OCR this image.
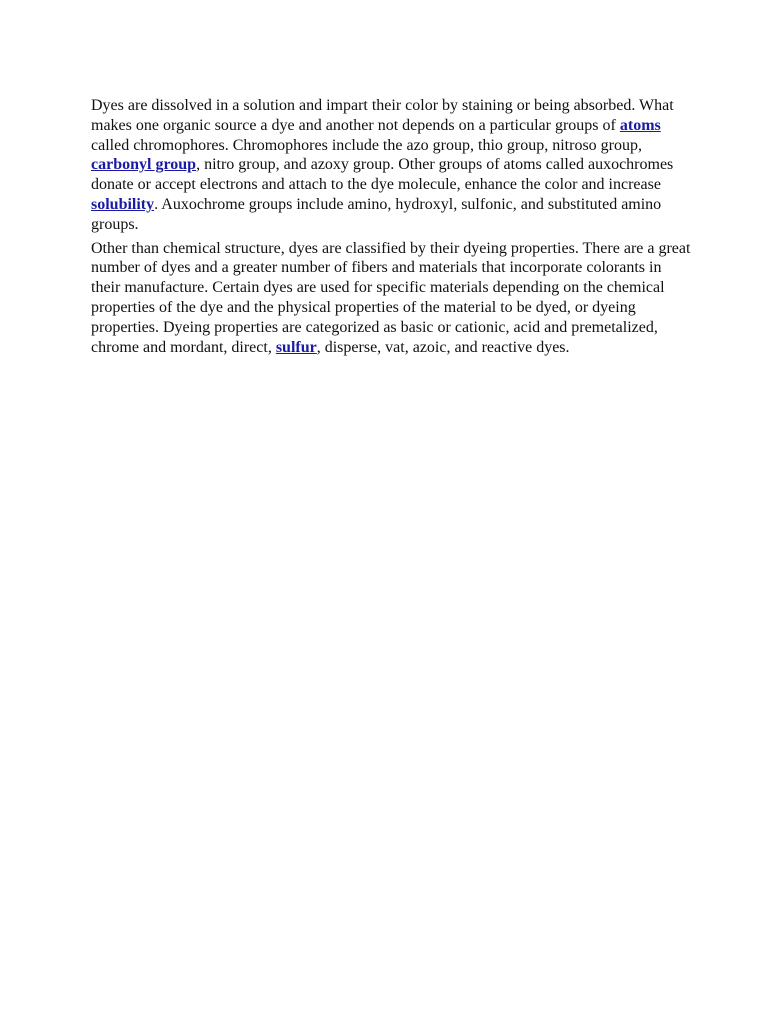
Dyes are dissolved in a solution and impart their color by staining or being absorbed. What makes one organic source a dye and another not depends on a particular groups of atoms called chromophores. Chromophores include the azo group, thio group, nitroso group, carbonyl group, nitro group, and azoxy group. Other groups of atoms called auxochromes donate or accept electrons and attach to the dye molecule, enhance the color and increase solubility. Auxochrome groups include amino, hydroxyl, sulfonic, and substituted amino groups.

Other than chemical structure, dyes are classified by their dyeing properties. There are a great number of dyes and a greater number of fibers and materials that incorporate colorants in their manufacture. Certain dyes are used for specific materials depending on the chemical properties of the dye and the physical properties of the material to be dyed, or dyeing properties. Dyeing properties are categorized as basic or cationic, acid and premetalized, chrome and mordant, direct, sulfur, disperse, vat, azoic, and reactive dyes.
